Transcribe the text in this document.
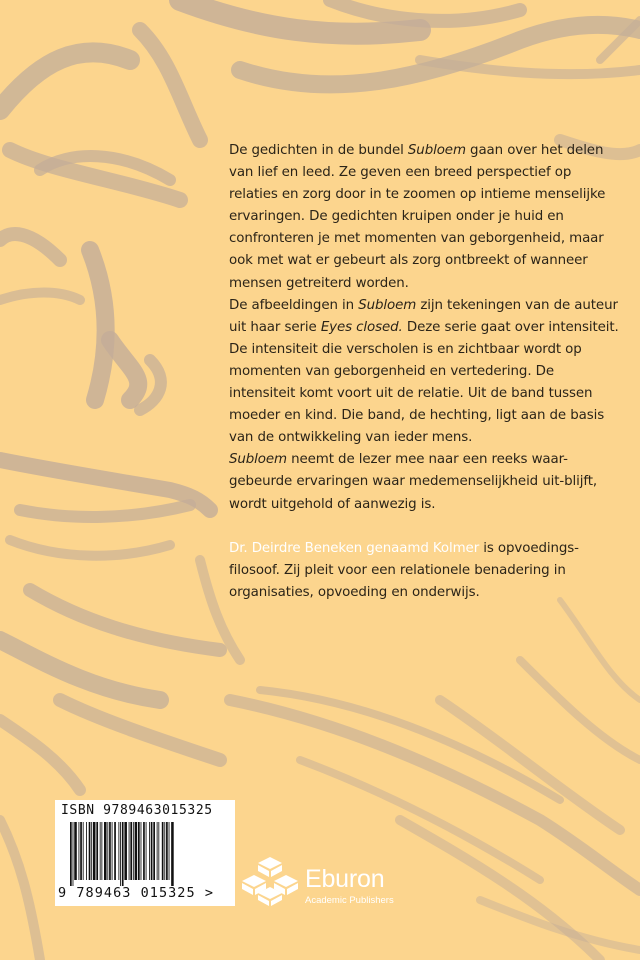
De gedichten in de bundel Subloem gaan over het delen van lief en leed. Ze geven een breed perspectief op relaties en zorg door in te zoomen op intieme menselijke ervaringen. De gedichten kruipen onder je huid en confronteren je met momenten van geborgenheid, maar ook met wat er gebeurt als zorg ontbreekt of wanneer mensen getreiterd worden.

De afbeeldingen in Subloem zijn tekeningen van de auteur uit haar serie Eyes closed. Deze serie gaat over intensiteit. De intensiteit die verscholen is en zichtbaar wordt op momenten van geborgenheid en vertedering. De intensiteit komt voort uit de relatie. Uit de band tussen moeder en kind. Die band, de hechting, ligt aan de basis van de ontwikkeling van ieder mens.

Subloem neemt de lezer mee naar een reeks waar-gebeurde ervaringen waar medemenselijkheid uit-blijft, wordt uitgehold of aanwezig is.

Dr. Deirdre Beneken genaamd Kolmer is opvoedings-filosoof. Zij pleit voor een relationele benadering in organisaties, opvoeding en onderwijs.

ISBN 9789463015325
9 789463 015325 >	Eburon
Academic Publishers
